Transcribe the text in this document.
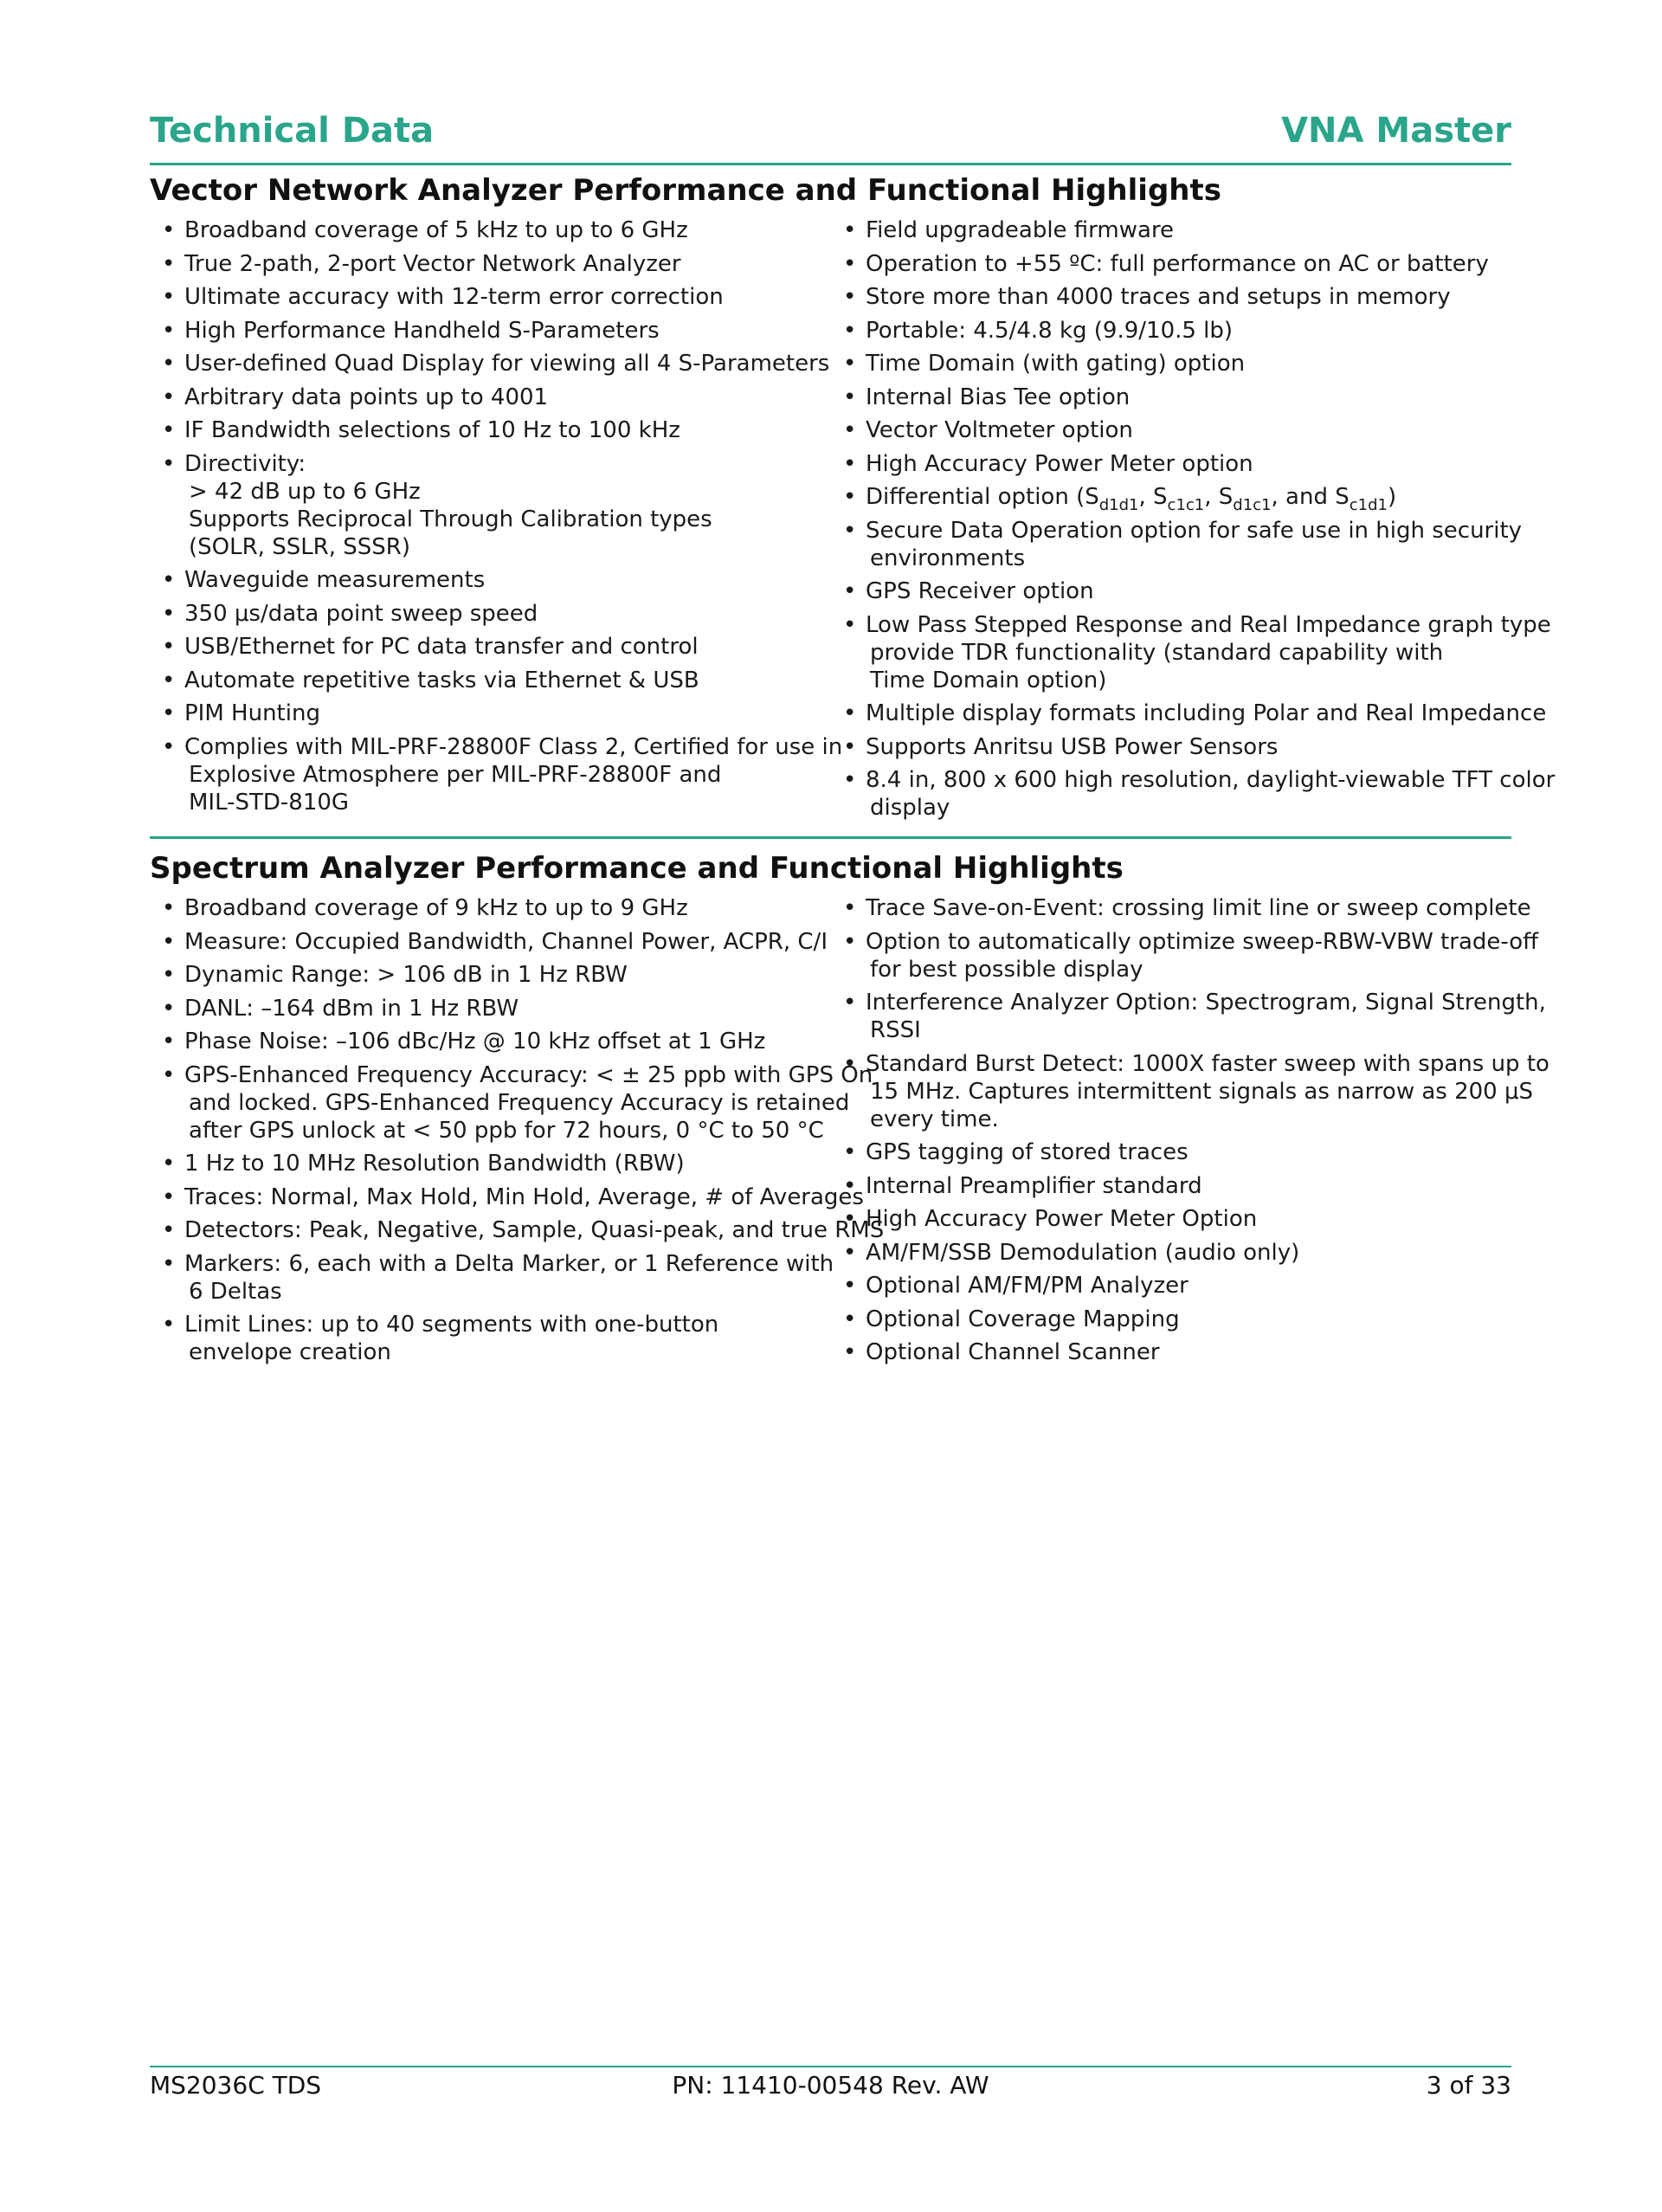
Technical Data	VNA Master
Vector Network Analyzer Performance and Functional Highlights
• Broadband coverage of 5 kHz to up to 6 GHz
• True 2-path, 2-port Vector Network Analyzer
• Ultimate accuracy with 12-term error correction
• High Performance Handheld S-Parameters
• User-defined Quad Display for viewing all 4 S-Parameters
• Arbitrary data points up to 4001
• IF Bandwidth selections of 10 Hz to 100 kHz
• Directivity:
> 42 dB up to 6 GHz
Supports Reciprocal Through Calibration types
(SOLR, SSLR, SSSR)
• Waveguide measurements
• 350 μs/data point sweep speed
• USB/Ethernet for PC data transfer and control
• Automate repetitive tasks via Ethernet & USB
• PIM Hunting
• Complies with MIL-PRF-28800F Class 2, Certified for use in
Explosive Atmosphere per MIL-PRF-28800F and
MIL-STD-810G
• Field upgradeable firmware
• Operation to +55 ºC: full performance on AC or battery
• Store more than 4000 traces and setups in memory
• Portable: 4.5/4.8 kg (9.9/10.5 lb)
• Time Domain (with gating) option
• Internal Bias Tee option
• Vector Voltmeter option
• High Accuracy Power Meter option
• Differential option ($S_{d1d1}$, $S_{c1c1}$, $S_{d1c1}$, and $S_{c1d1}$)
• Secure Data Operation option for safe use in high security
environments
• GPS Receiver option
• Low Pass Stepped Response and Real Impedance graph type
provide TDR functionality (standard capability with
Time Domain option)
• Multiple display formats including Polar and Real Impedance
• Supports Anritsu USB Power Sensors
• 8.4 in, 800 x 600 high resolution, daylight-viewable TFT color
display
Spectrum Analyzer Performance and Functional Highlights
• Broadband coverage of 9 kHz to up to 9 GHz
• Measure: Occupied Bandwidth, Channel Power, ACPR, C/I
• Dynamic Range: > 106 dB in 1 Hz RBW
• DANL: –164 dBm in 1 Hz RBW
• Phase Noise: –106 dBc/Hz @ 10 kHz offset at 1 GHz
• GPS-Enhanced Frequency Accuracy: < ± 25 ppb with GPS On
and locked. GPS-Enhanced Frequency Accuracy is retained
after GPS unlock at < 50 ppb for 72 hours, 0 °C to 50 °C
• 1 Hz to 10 MHz Resolution Bandwidth (RBW)
• Traces: Normal, Max Hold, Min Hold, Average, # of Averages
• Detectors: Peak, Negative, Sample, Quasi-peak, and true RMS
• Markers: 6, each with a Delta Marker, or 1 Reference with
6 Deltas
• Limit Lines: up to 40 segments with one-button
envelope creation
• Trace Save-on-Event: crossing limit line or sweep complete
• Option to automatically optimize sweep-RBW-VBW trade-off
for best possible display
• Interference Analyzer Option: Spectrogram, Signal Strength,
RSSI
• Standard Burst Detect: 1000X faster sweep with spans up to
15 MHz. Captures intermittent signals as narrow as 200 μS
every time.
• GPS tagging of stored traces
• Internal Preamplifier standard
• High Accuracy Power Meter Option
• AM/FM/SSB Demodulation (audio only)
• Optional AM/FM/PM Analyzer
• Optional Coverage Mapping
• Optional Channel Scanner
MS2036C TDS	PN: 11410-00548 Rev. AW	3 of 33
